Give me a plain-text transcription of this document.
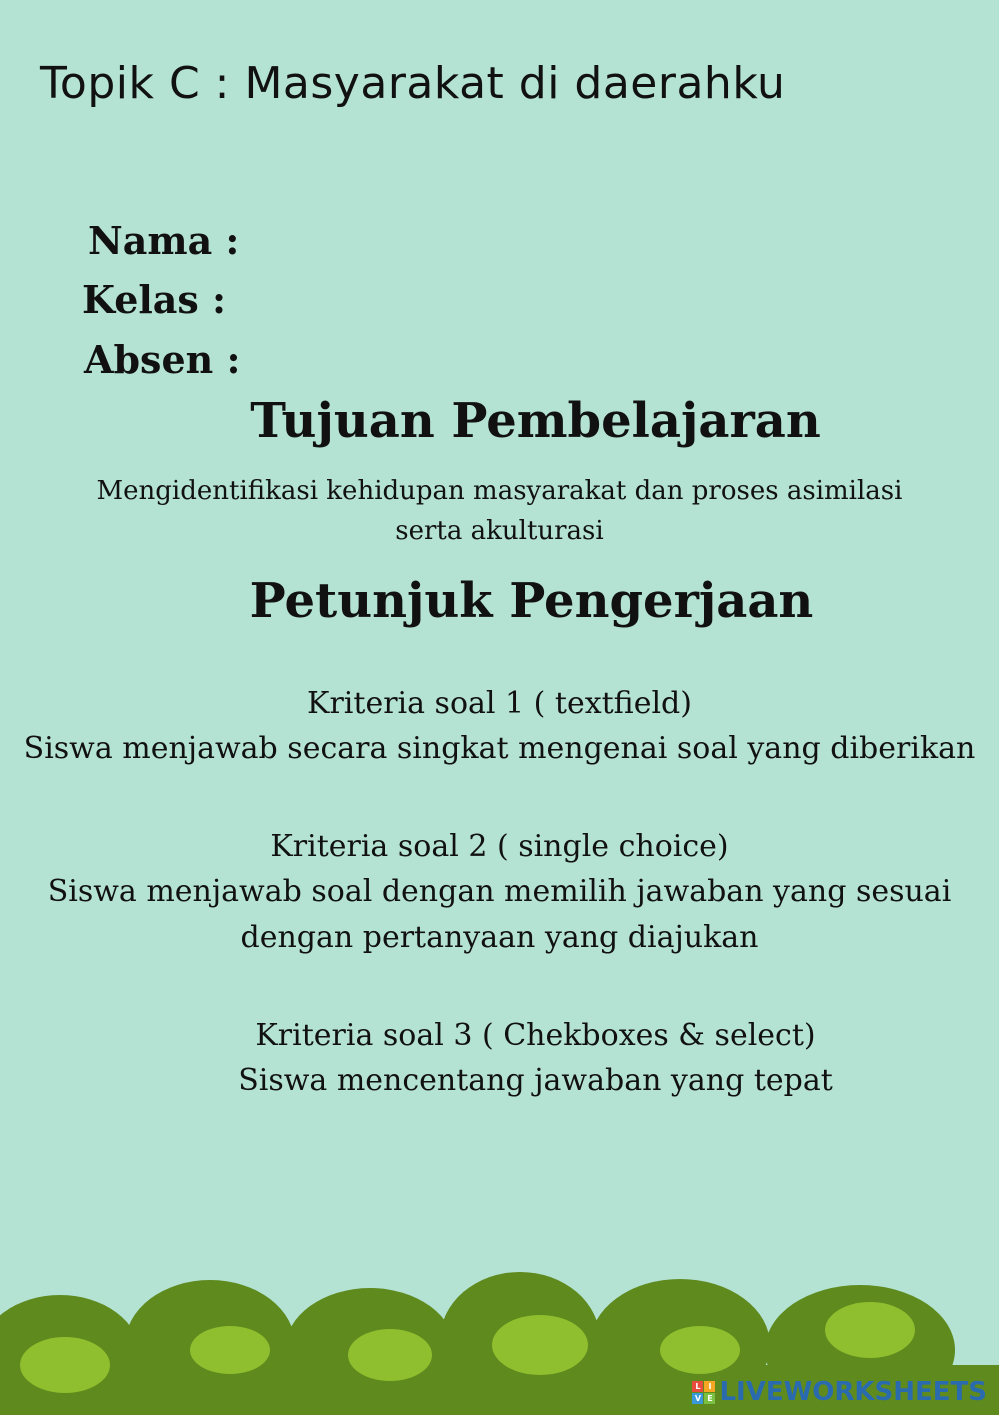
Topik C : Masyarakat di daerahku
Nama :
Kelas :
Absen :
Tujuan Pembelajaran
Mengidentifikasi kehidupan masyarakat dan proses asimilasi
serta akulturasi
Petunjuk Pengerjaan
Kriteria soal 1 ( textfield)
Siswa menjawab secara singkat mengenai soal yang diberikan
Kriteria soal 2 ( single choice)
Siswa menjawab soal dengan memilih jawaban yang sesuai
dengan pertanyaan yang diajukan
Kriteria soal 3 ( Chekboxes & select)
Siswa mencentang jawaban yang tepat
L I
V E LIVEWORKSHEETS
